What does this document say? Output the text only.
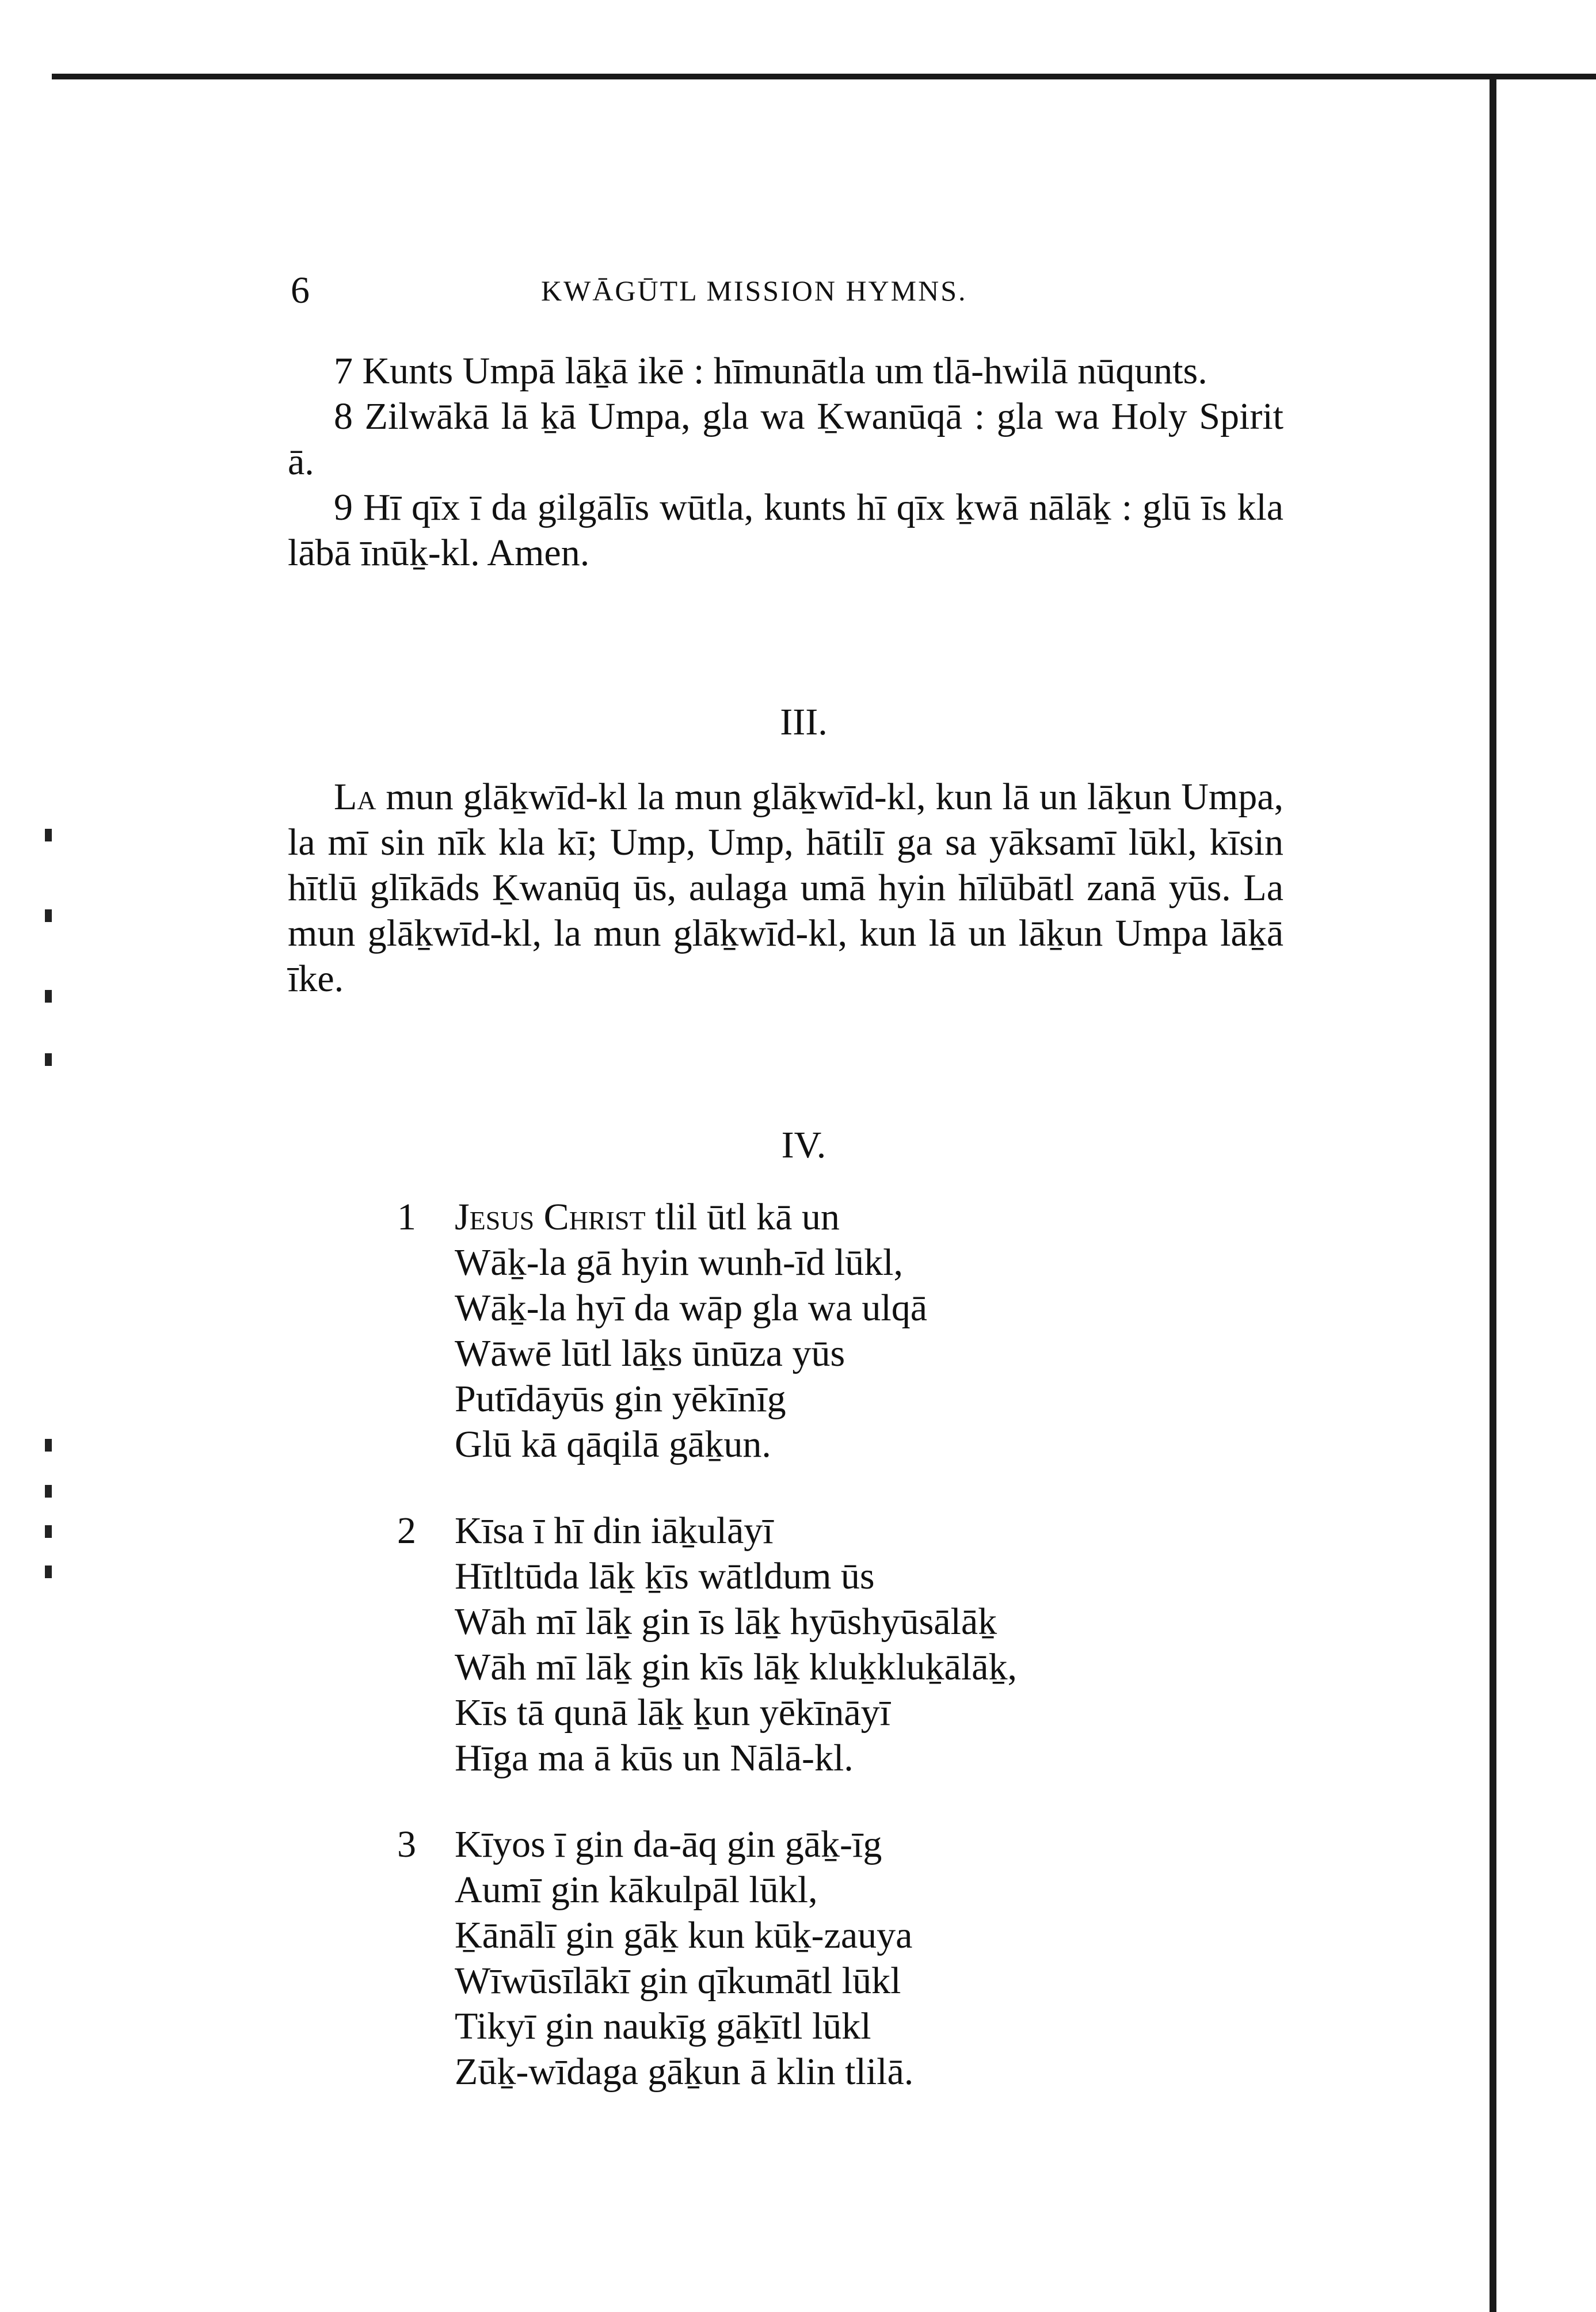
6	KWĀGŪTL MISSION HYMNS.

7 Kunts Umpā lāḵā ikē : hīmunātla um tlā-hwilā nūqunts.

8 Zilwākā lā ḵā Umpa, gla wa Ḵwanūqā : gla wa Holy Spirit ā.

9 Hī qīx ī da gilgālīs wūtla, kunts hī qīx ḵwā nālāḵ : glū īs kla lābā īnūḵ-kl. Amen.

III.

La mun glāḵwīd-kl la mun glāḵwīd-kl, kun lā un lāḵun Umpa, la mī sin nīk kla kī; Ump, Ump, hātilī ga sa yāksamī lūkl, kīsin hītlū glīkāds Ḵwanūq ūs, aulaga umā hyin hīlūbātl zanā yūs. La mun glāḵwīd-kl, la mun glāḵwīd-kl, kun lā un lāḵun Umpa lāḵā īke.

IV.
1	Jesus Christ tlil ūtl kā un
Wāḵ-la gā hyin wunh-īd lūkl,
Wāḵ-la hyī da wāp gla wa ulqā
Wāwē lūtl lāḵs ūnūza yūs
Putīdāyūs gin yēkīnīg
Glū kā qāqilā gāḵun.
2	Kīsa ī hī din iāḵulāyī
Hītltūda lāḵ ḵīs wātldum ūs
Wāh mī lāḵ gin īs lāḵ hyūshyūsālāḵ
Wāh mī lāḵ gin kīs lāḵ kluḵkluḵālāḵ,
Kīs tā qunā lāḵ ḵun yēkīnāyī
Hīga ma ā kūs un Nālā-kl.
3	Kīyos ī gin da-āq gin gāḵ-īg
Aumī gin kākulpāl lūkl,
Ḵānālī gin gāḵ kun kūḵ-zauya
Wīwūsīlākī gin qīkumātl lūkl
Tikyī gin naukīg gāḵītl lūkl
Zūḵ-wīdaga gāḵun ā klin tlilā.
